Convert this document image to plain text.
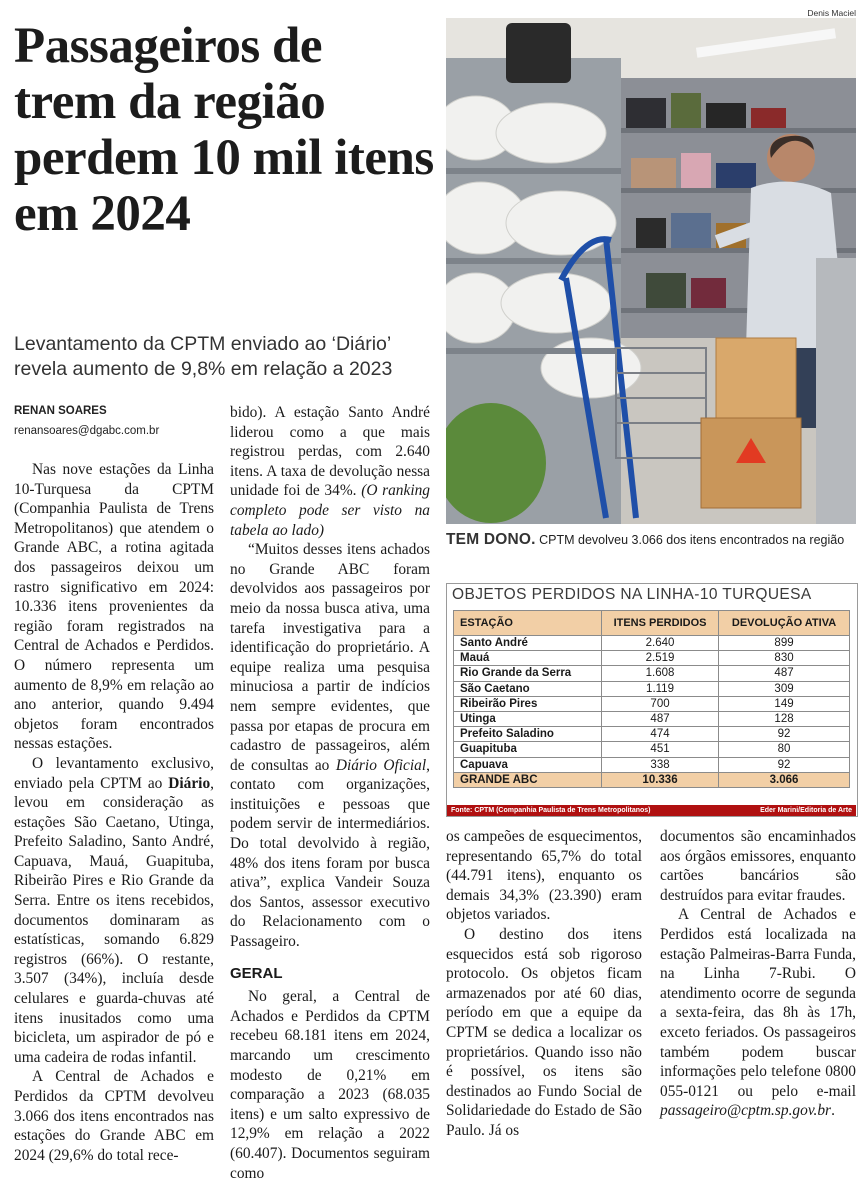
Passageiros de trem da região perdem 10 mil itens em 2024

Levantamento da CPTM enviado ao ‘Diário’ revela aumento de 9,8% em relação a 2023

RENAN SOARES
renansoares@dgabc.com.br
Denis Maciel
TEM DONO. CPTM devolveu 3.066 dos itens encontrados na região

Nas nove estações da Linha 10-Turquesa da CPTM (Companhia Paulista de Trens Metropolitanos) que atendem o Grande ABC, a rotina agitada dos passageiros deixou um rastro significativo em 2024: 10.336 itens provenientes da região foram registrados na Central de Achados e Perdidos. O número representa um aumento de 8,9% em relação ao ano anterior, quando 9.494 objetos foram encontrados nessas estações.

O levantamento exclusivo, enviado pela CPTM ao Diário, levou em consideração as estações São Caetano, Utinga, Prefeito Saladino, Santo André, Capuava, Mauá, Guapituba, Ribeirão Pires e Rio Grande da Serra. Entre os itens recebidos, documentos dominaram as estatísticas, somando 6.829 registros (66%). O restante, 3.507 (34%), incluía desde celulares e guarda-chuvas até itens inusitados como uma bicicleta, um aspirador de pó e uma cadeira de rodas infantil.

A Central de Achados e Perdidos da CPTM devolveu 3.066 dos itens encontrados nas estações do Grande ABC em 2024 (29,6% do total rece-

bido). A estação Santo André liderou como a que mais registrou perdas, com 2.640 itens. A taxa de devolução nessa unidade foi de 34%. (O ranking completo pode ser visto na tabela ao lado)

“Muitos desses itens achados no Grande ABC foram devolvidos aos passageiros por meio da nossa busca ativa, uma tarefa investigativa para a identificação do proprietário. A equipe realiza uma pesquisa minuciosa a partir de indícios nem sempre evidentes, que passa por etapas de procura em cadastro de passageiros, além de consultas ao Diário Oficial, contato com organizações, instituições e pessoas que podem servir de intermediários. Do total devolvido à região, 48% dos itens foram por busca ativa”, explica Vandeir Souza dos Santos, assessor executivo do Relacionamento com o Passageiro.

GERAL

No geral, a Central de Achados e Perdidos da CPTM recebeu 68.181 itens em 2024, marcando um crescimento modesto de 0,21% em comparação a 2023 (68.035 itens) e um salto expressivo de 12,9% em relação a 2022 (60.407). Documentos seguiram como

os campeões de esquecimentos, representando 65,7% do total (44.791 itens), enquanto os demais 34,3% (23.390) eram objetos variados.

O destino dos itens esquecidos está sob rigoroso protocolo. Os objetos ficam armazenados por até 60 dias, período em que a equipe da CPTM se dedica a localizar os proprietários. Quando isso não é possível, os itens são destinados ao Fundo Social de Solidariedade do Estado de São Paulo. Já os

documentos são encaminhados aos órgãos emissores, enquanto cartões bancários são destruídos para evitar fraudes.

A Central de Achados e Perdidos está localizada na estação Palmeiras-Barra Funda, na Linha 7-Rubi. O atendimento ocorre de segunda a sexta-feira, das 8h às 17h, exceto feriados. Os passageiros também podem buscar informações pelo telefone 0800 055-0121 ou pelo e-mail passageiro@cptm.sp.gov.br.

OBJETOS PERDIDOS NA LINHA-10 TURQUESA
ESTAÇÃO	ITENS PERDIDOS	DEVOLUÇÃO ATIVA
Santo André	2.640	899
Mauá	2.519	830
Rio Grande da Serra	1.608	487
São Caetano	1.119	309
Ribeirão Pires	700	149
Utinga	487	128
Prefeito Saladino	474	92
Guapituba	451	80
Capuava	338	92
GRANDE ABC	10.336	3.066
Fonte: CPTM (Companhia Paulista de Trens Metropolitanos)	Eder Marini/Editoria de Arte
